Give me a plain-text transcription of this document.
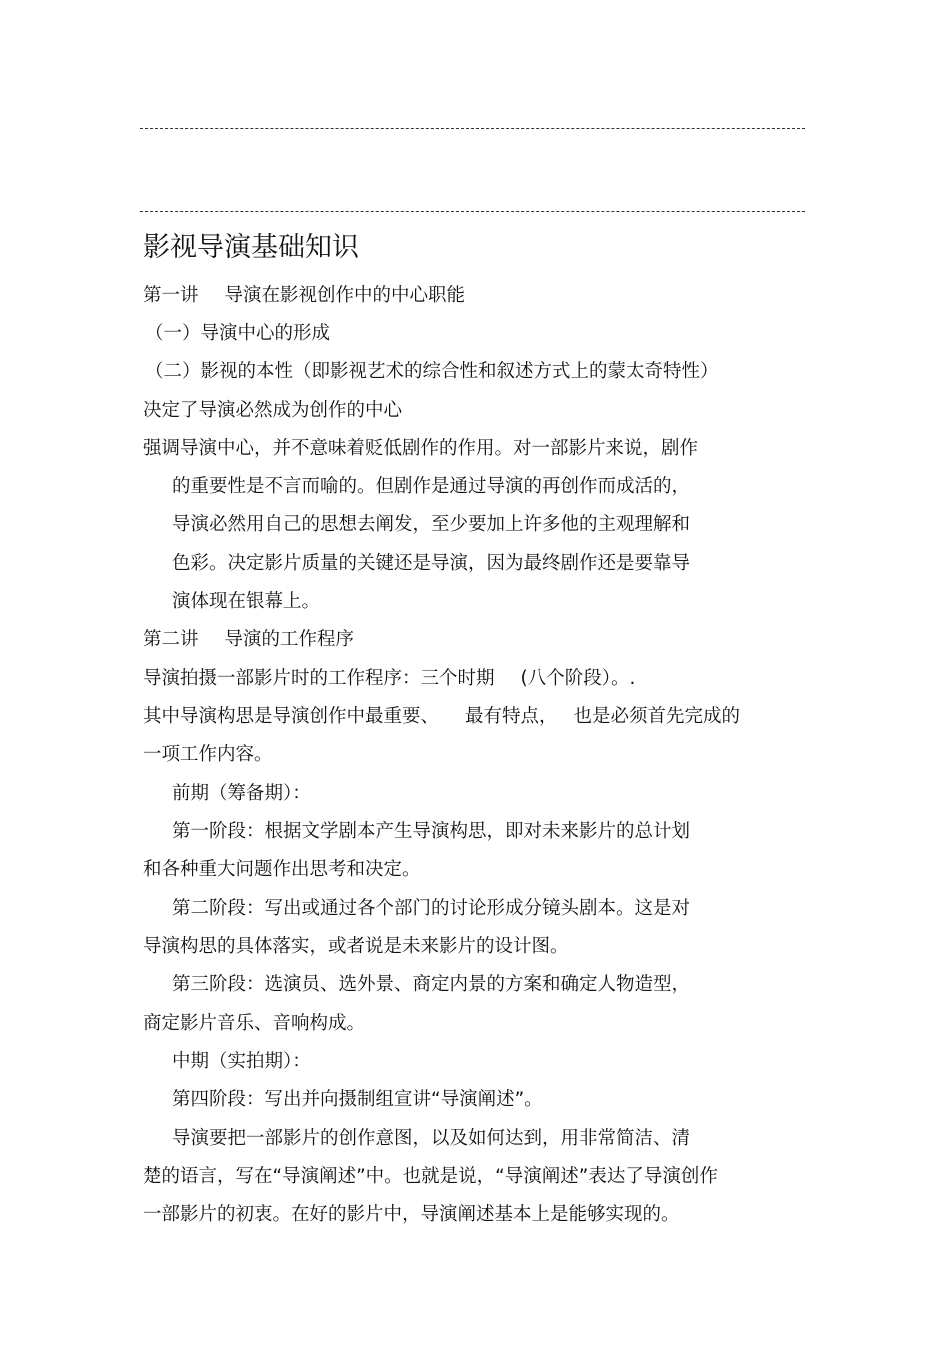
影视导演基础知识
第一讲 导演在影视创作中的中心职能
（一）导演中心的形成
（二）影视的本性（即影视艺术的综合性和叙述方式上的蒙太奇特性）
决定了导演必然成为创作的中心
强调导演中心，并不意味着贬低剧作的作用。对一部影片来说，剧作
的重要性是不言而喻的。但剧作是通过导演的再创作而成活的，
导演必然用自己的思想去阐发，至少要加上许多他的主观理解和
色彩。决定影片质量的关键还是导演，因为最终剧作还是要靠导
演体现在银幕上。
第二讲 导演的工作程序
导演拍摄一部影片时的工作程序：三个时期 (八个阶段）。.
其中导演构思是导演创作中最重要、 最有特点， 也是必须首先完成的
一项工作内容。
前期（筹备期）：
第一阶段：根据文学剧本产生导演构思，即对未来影片的总计划
和各种重大问题作出思考和决定。
第二阶段：写出或通过各个部门的讨论形成分镜头剧本。这是对
导演构思的具体落实，或者说是未来影片的设计图。
第三阶段：选演员、选外景、商定内景的方案和确定人物造型，
商定影片音乐、音响构成。
中期（实拍期）：
第四阶段：写出并向摄制组宣讲“导演阐述”。
导演要把一部影片的创作意图，以及如何达到，用非常简洁、清
楚的语言，写在“导演阐述”中。也就是说，“导演阐述”表达了导演创作
一部影片的初衷。在好的影片中，导演阐述基本上是能够实现的。
